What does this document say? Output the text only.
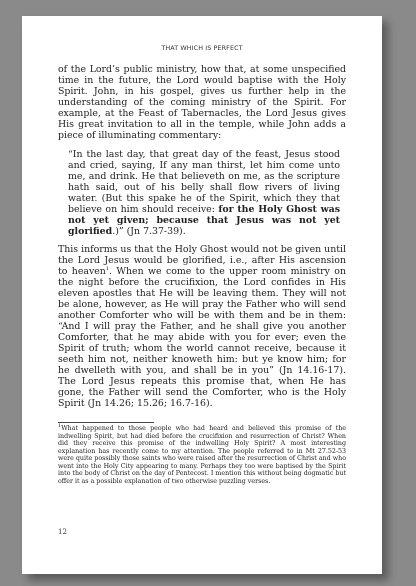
THAT WHICH IS PERFECT

of the Lord’s public ministry, how that, at some unspecified time in the future, the Lord would baptise with the Holy Spirit. John, in his gospel, gives us further help in the understanding of the coming ministry of the Spirit. For example, at the Feast of Tabernacles, the Lord Jesus gives His great invitation to all in the temple, while John adds a piece of illuminating commentary:

“In the last day, that great day of the feast, Jesus stood and cried, saying, If any man thirst, let him come unto me, and drink. He that believeth on me, as the scripture hath said, out of his belly shall flow rivers of living water. (But this spake he of the Spirit, which they that believe on him should receive: for the Holy Ghost was not yet given; because that Jesus was not yet glorified.)” (Jn 7.37-39).

This informs us that the Holy Ghost would not be given until the Lord Jesus would be glorified, i.e., after His ascension to heaven$^1$. When we come to the upper room ministry on the night before the crucifixion, the Lord confides in His eleven apostles that He will be leaving them. They will not be alone, however, as He will pray the Father who will send another Comforter who will be with them and be in them: “And I will pray the Father, and he shall give you another Comforter, that he may abide with you for ever; even the Spirit of truth; whom the world cannot receive, because it seeth him not, neither knoweth him: but ye know him; for he dwelleth with you, and shall be in you” (Jn 14.16-17). The Lord Jesus repeats this promise that, when He has gone, the Father will send the Comforter, who is the Holy Spirit (Jn 14.26; 15.26; 16.7-16).

$^1$What happened to those people who had heard and believed this promise of the indwelling Spirit, but had died before the crucifixion and resurrection of Christ? When did they receive this promise of the indwelling Holy Spirit? A most interesting explanation has recently come to my attention. The people referred to in Mt 27.52-53 were quite possibly those saints who were raised after the resurrection of Christ and who went into the Holy City appearing to many. Perhaps they too were baptised by the Spirit into the body of Christ on the day of Pentecost. I mention this without being dogmatic but offer it as a possible explanation of two otherwise puzzling verses.

12
